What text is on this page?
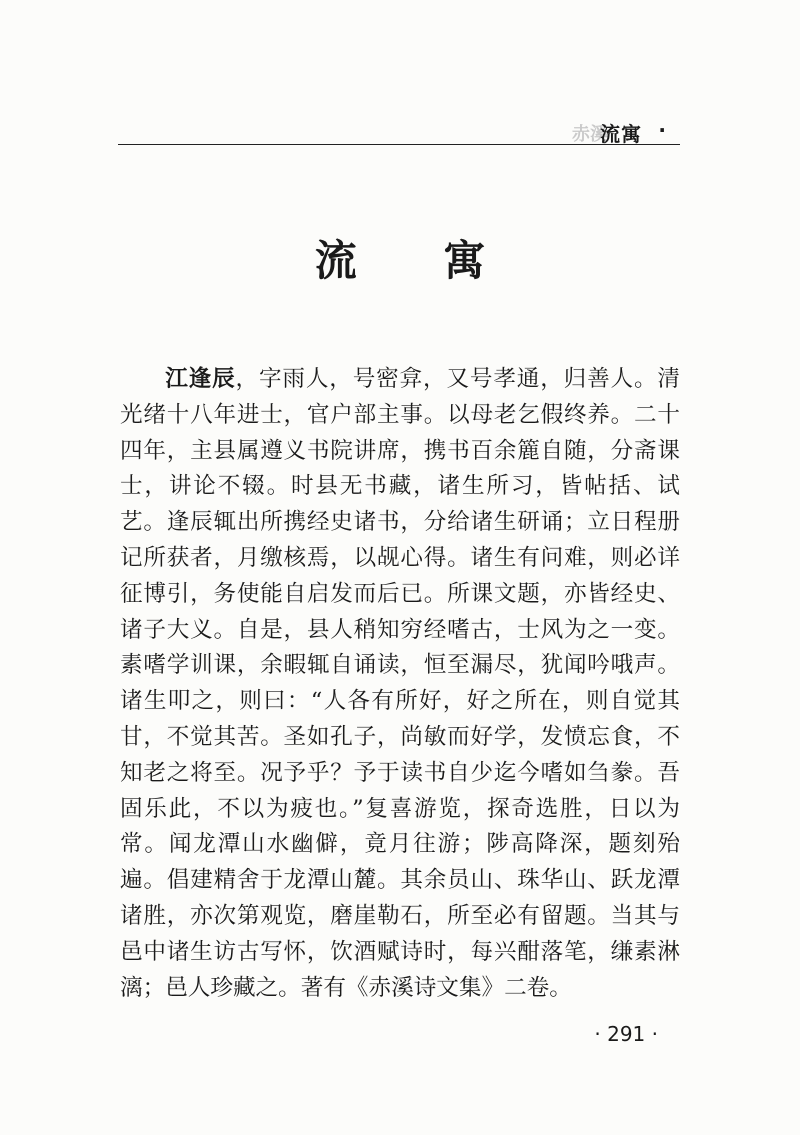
赤溪
流寓 ·
流 寓

江逢辰，字雨人，号密弇，又号孝通，归善人。清光绪十八年进士，官户部主事。以母老乞假终养。二十四年，主县属遵义书院讲席，携书百余簏自随，分斋课士，讲论不辍。时县无书藏，诸生所习，皆帖括、试艺。逢辰辄出所携经史诸书，分给诸生研诵；立日程册记所获者，月缴核焉，以觇心得。诸生有问难，则必详征博引，务使能自启发而后已。所课文题，亦皆经史、诸子大义。自是，县人稍知穷经嗜古，士风为之一变。素嗜学训课，余暇辄自诵读，恒至漏尽，犹闻吟哦声。诸生叩之，则曰：“人各有所好，好之所在，则自觉其甘，不觉其苦。圣如孔子，尚敏而好学，发愤忘食，不知老之将至。况予乎？予于读书自少迄今嗜如刍豢。吾固乐此，不以为疲也。”复喜游览，探奇选胜，日以为常。闻龙潭山水幽僻，竟月往游；陟高降深，题刻殆遍。倡建精舍于龙潭山麓。其余员山、珠华山、跃龙潭诸胜，亦次第观览，磨崖勒石，所至必有留题。当其与邑中诸生访古写怀，饮酒赋诗时，每兴酣落笔，缣素淋漓；邑人珍藏之。著有《赤溪诗文集》二卷。

· 291 ·
